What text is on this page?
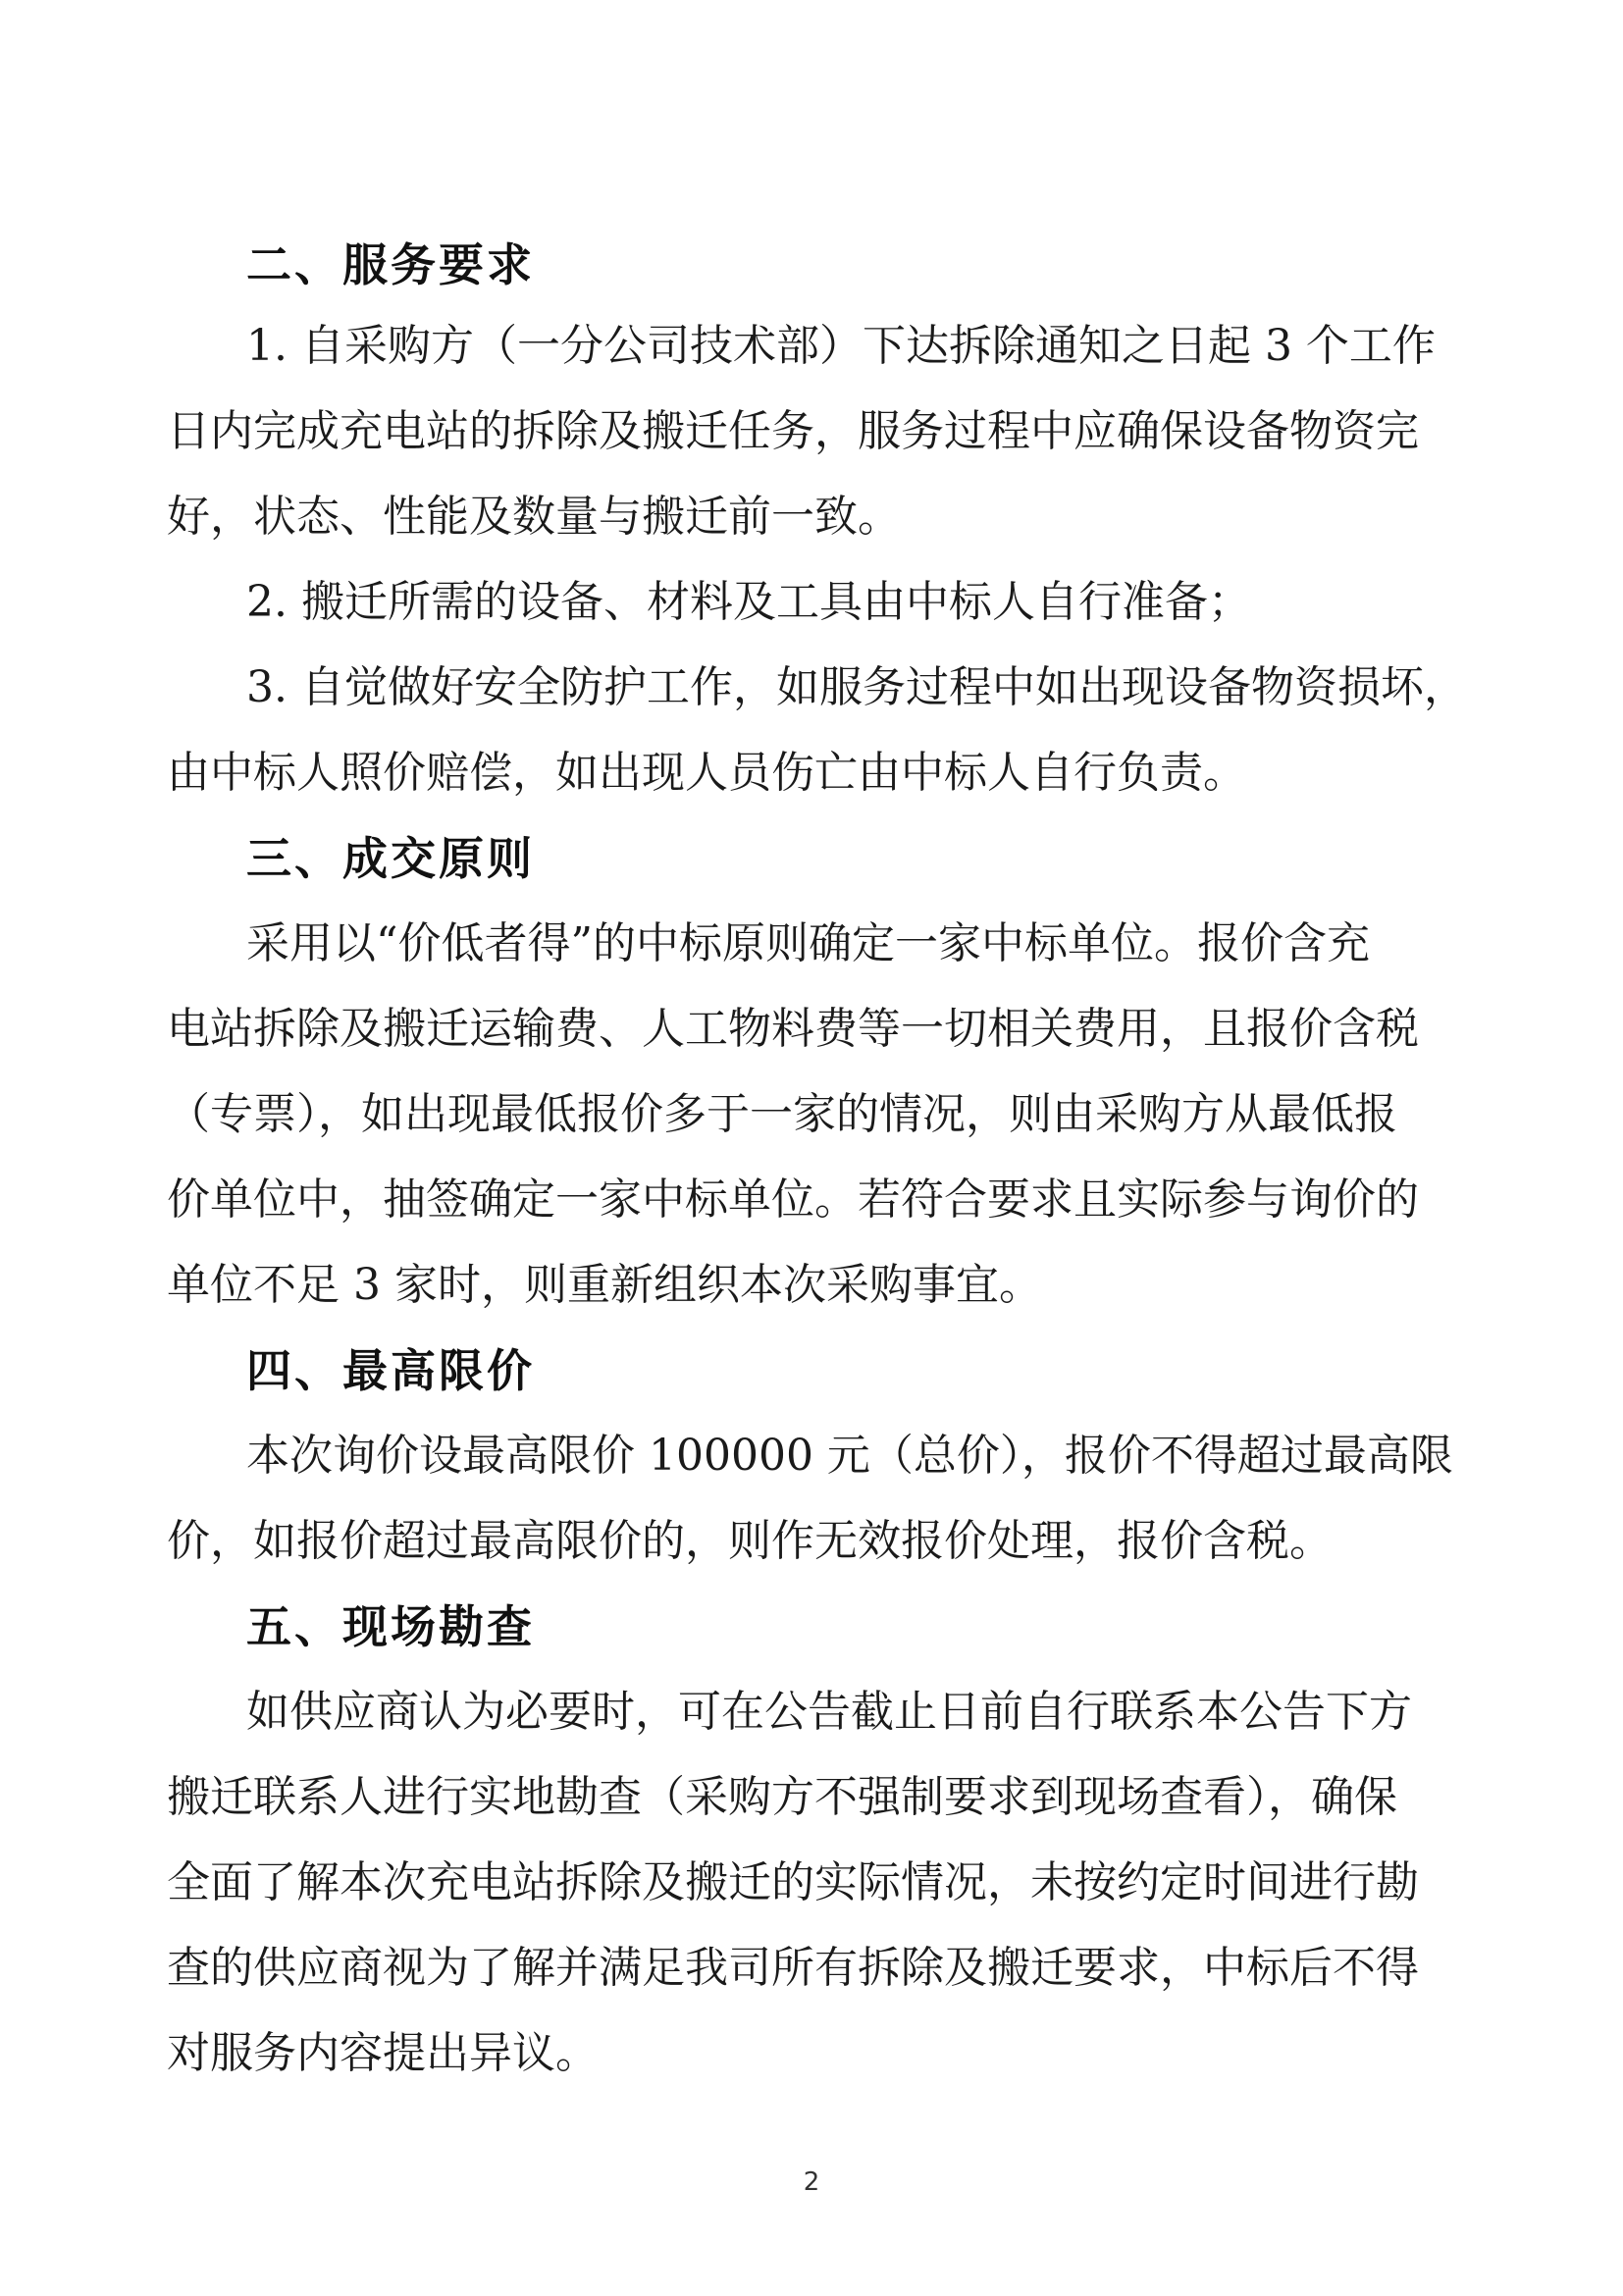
二、服务要求
1. 自采购方（一分公司技术部）下达拆除通知之日起 3 个工作
日内完成充电站的拆除及搬迁任务，服务过程中应确保设备物资完
好，状态、性能及数量与搬迁前一致。
2. 搬迁所需的设备、材料及工具由中标人自行准备；
3. 自觉做好安全防护工作，如服务过程中如出现设备物资损坏，
由中标人照价赔偿，如出现人员伤亡由中标人自行负责。
三、成交原则
采用以“价低者得”的中标原则确定一家中标单位。报价含充
电站拆除及搬迁运输费、人工物料费等一切相关费用，且报价含税
（专票），如出现最低报价多于一家的情况，则由采购方从最低报
价单位中，抽签确定一家中标单位。若符合要求且实际参与询价的
单位不足 3 家时，则重新组织本次采购事宜。
四、最高限价
本次询价设最高限价 100000 元（总价），报价不得超过最高限
价，如报价超过最高限价的，则作无效报价处理，报价含税。
五、现场勘查
如供应商认为必要时，可在公告截止日前自行联系本公告下方
搬迁联系人进行实地勘查（采购方不强制要求到现场查看），确保
全面了解本次充电站拆除及搬迁的实际情况，未按约定时间进行勘
查的供应商视为了解并满足我司所有拆除及搬迁要求，中标后不得
对服务内容提出异议。
2
